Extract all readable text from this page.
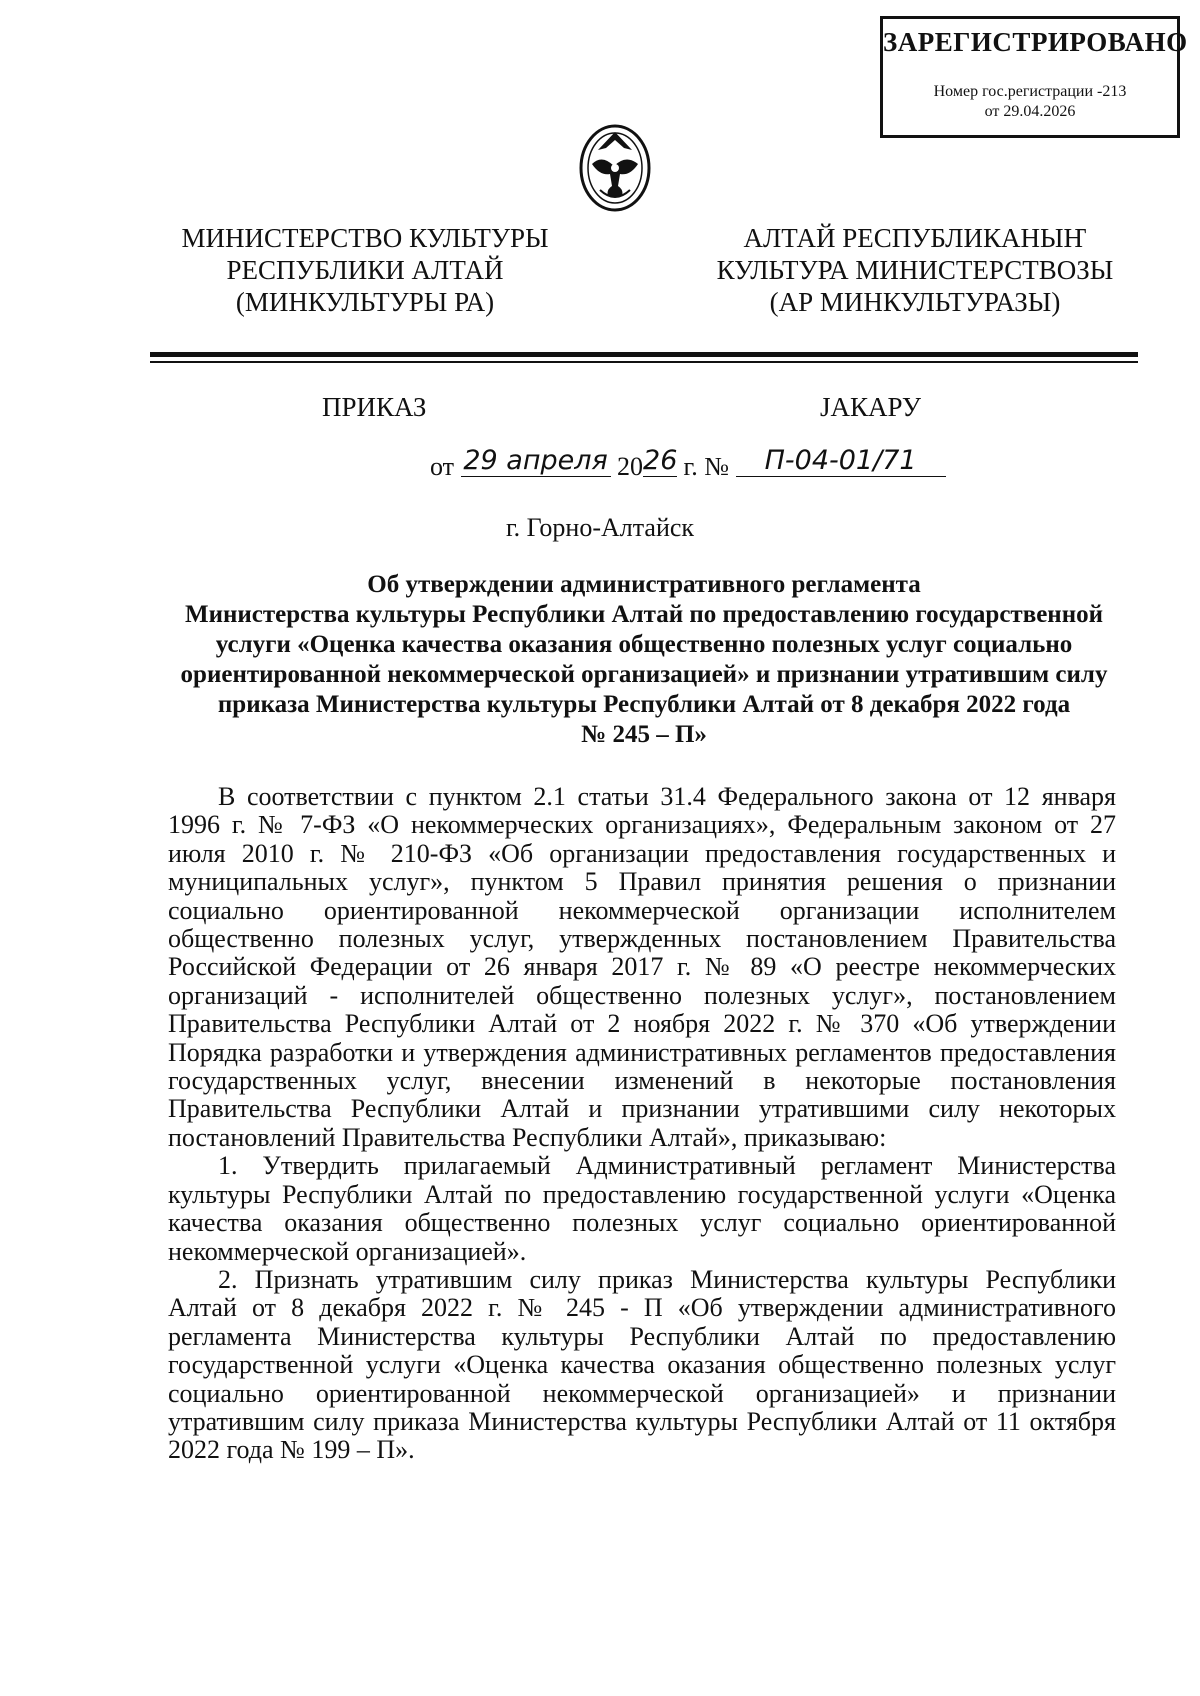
ЗАРЕГИСТРИРОВАНО
Номер гос.регистрации -213
от 29.04.2026
МИНИСТЕРСТВО КУЛЬТУРЫ
РЕСПУБЛИКИ АЛТАЙ
(МИНКУЛЬТУРЫ РА)
АЛТАЙ РЕСПУБЛИКАНЫҤ
КУЛЬТУРА МИНИСТЕРСТВОЗЫ
(АР МИНКУЛЬТУРАЗЫ)
ПРИКАЗ	ЈАКАРУ
от 29 апреля 2026 г. № П-04-01/71
г. Горно-Алтайск
Об утверждении административного регламента
Министерства культуры Республики Алтай по предоставлению государственной
услуги «Оценка качества оказания общественно полезных услуг социально
ориентированной некоммерческой организацией» и признании утратившим силу
приказа Министерства культуры Республики Алтай от 8 декабря 2022 года
№ 245 – П»

В соответствии с пунктом 2.1 статьи 31.4 Федерального закона от 12 января 1996 г. № 7-ФЗ «О некоммерческих организациях», Федеральным законом от 27 июля 2010 г. № 210-ФЗ «Об организации предоставления государственных и муниципальных услуг», пунктом 5 Правил принятия решения о признании социально ориентированной некоммерческой организации исполнителем общественно полезных услуг, утвержденных постановлением Правительства Российской Федерации от 26 января 2017 г. № 89 «О реестре некоммерческих организаций - исполнителей общественно полезных услуг», постановлением Правительства Республики Алтай от 2 ноября 2022 г. № 370 «Об утверждении Порядка разработки и утверждения административных регламентов предоставления государственных услуг, внесении изменений в некоторые постановления Правительства Республики Алтай и признании утратившими силу некоторых постановлений Правительства Республики Алтай», приказываю:

1. Утвердить прилагаемый Административный регламент Министерства культуры Республики Алтай по предоставлению государственной услуги «Оценка качества оказания общественно полезных услуг социально ориентированной некоммерческой организацией».

2. Признать утратившим силу приказ Министерства культуры Республики Алтай от 8 декабря 2022 г. № 245 - П «Об утверждении административного регламента Министерства культуры Республики Алтай по предоставлению государственной услуги «Оценка качества оказания общественно полезных услуг социально ориентированной некоммерческой организацией» и признании утратившим силу приказа Министерства культуры Республики Алтай от 11 октября 2022 года № 199 – П».
